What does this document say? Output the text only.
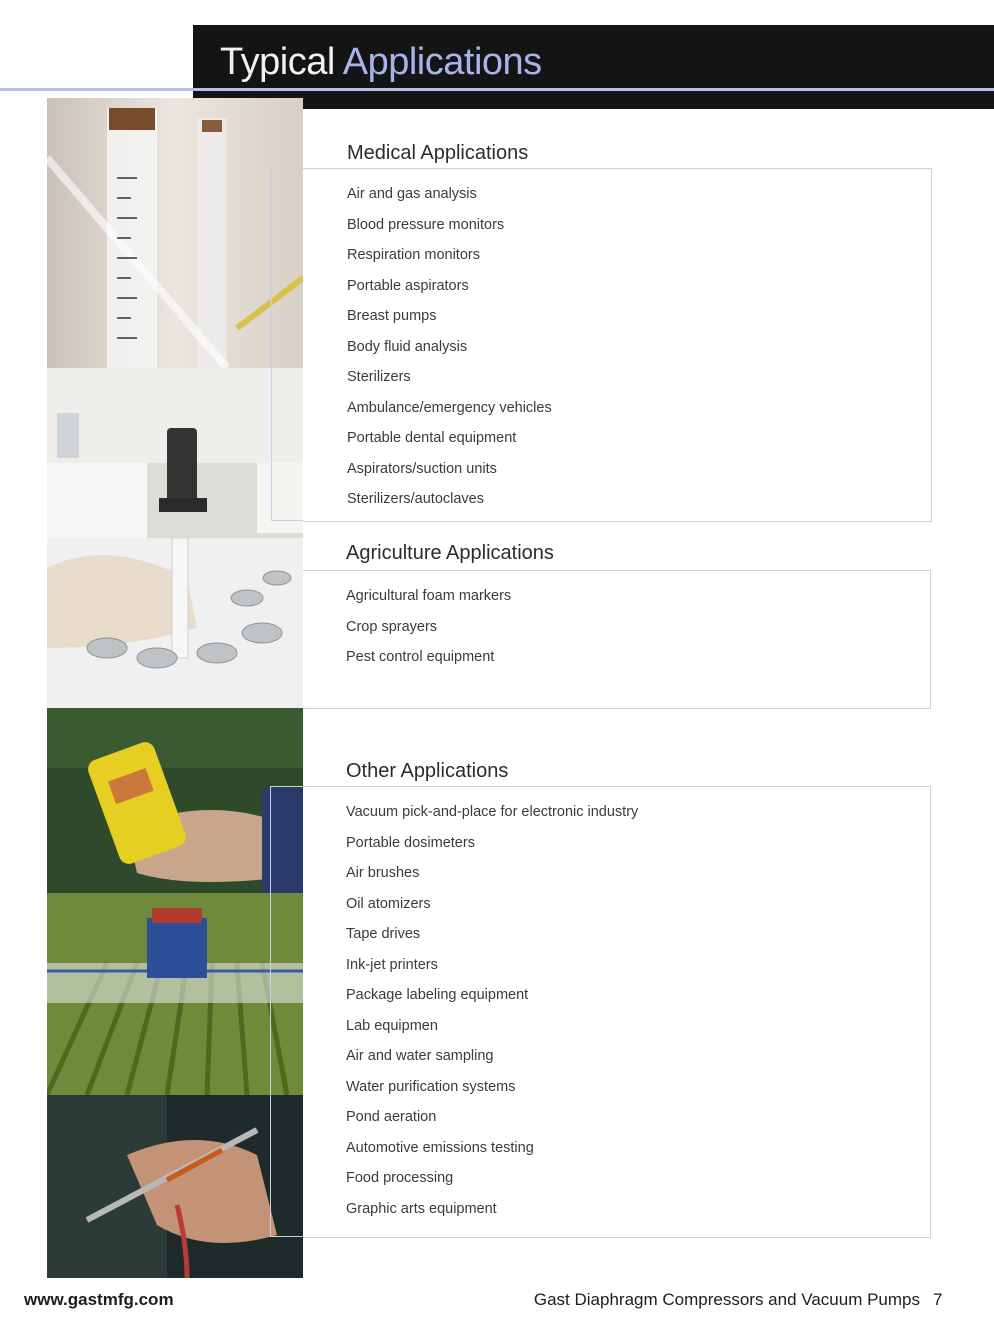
Typical Applications
Medical Applications
Air and gas analysis
Blood pressure monitors
Respiration monitors
Portable aspirators
Breast pumps
Body fluid analysis
Sterilizers
Ambulance/emergency vehicles
Portable dental equipment
Aspirators/suction units
Sterilizers/autoclaves
Agriculture Applications
Agricultural foam markers
Crop sprayers
Pest control equipment
Other Applications
Vacuum pick-and-place for electronic industry
Portable dosimeters
Air brushes
Oil atomizers
Tape drives
Ink-jet printers
Package labeling equipment
Lab equipmen
Air and water sampling
Water purification systems
Pond aeration
Automotive emissions testing
Food processing
Graphic arts equipment
www.gastmfg.com	Gast Diaphragm Compressors and Vacuum Pumps 7
